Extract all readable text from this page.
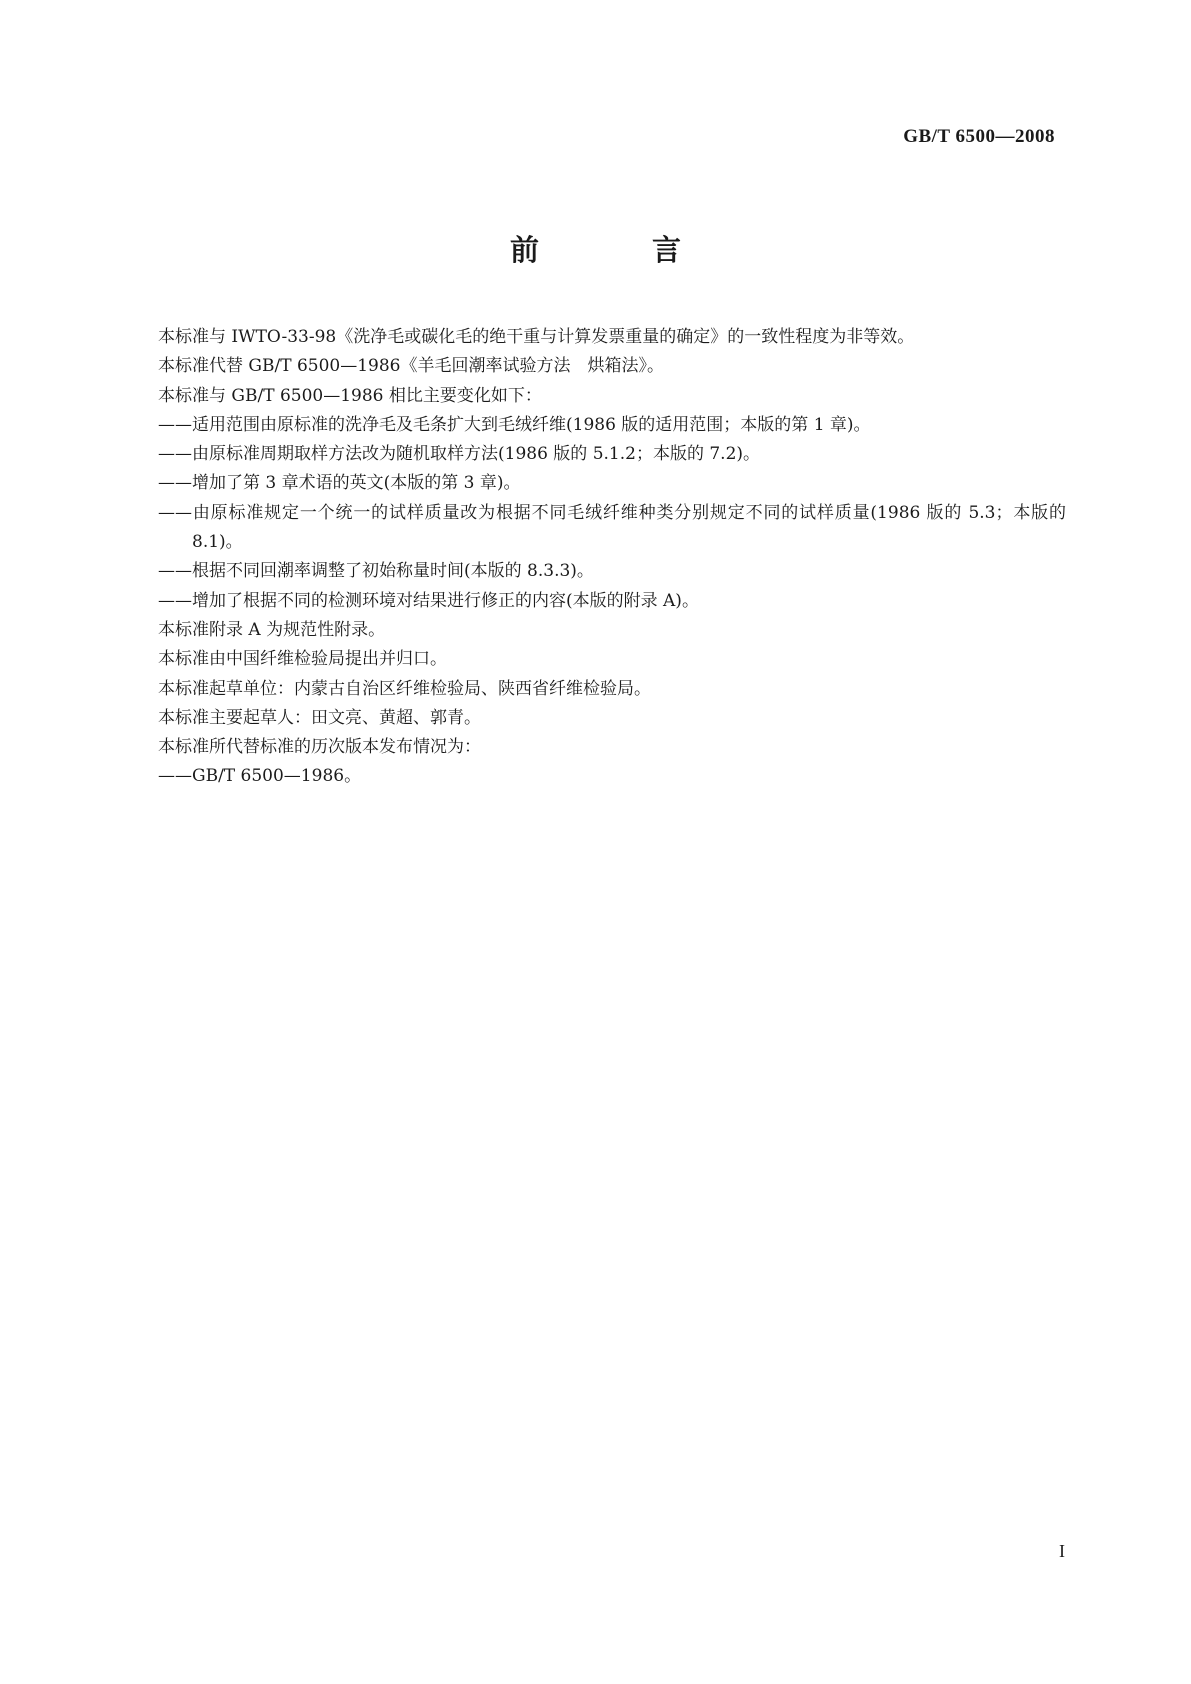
GB/T 6500—2008
前　言

本标准与 IWTO-33-98《洗净毛或碳化毛的绝干重与计算发票重量的确定》的一致性程度为非等效。

本标准代替 GB/T 6500—1986《羊毛回潮率试验方法　烘箱法》。

本标准与 GB/T 6500—1986 相比主要变化如下：

——适用范围由原标准的洗净毛及毛条扩大到毛绒纤维(1986 版的适用范围；本版的第 1 章)。

——由原标准周期取样方法改为随机取样方法(1986 版的 5.1.2；本版的 7.2)。

——增加了第 3 章术语的英文(本版的第 3 章)。

——由原标准规定一个统一的试样质量改为根据不同毛绒纤维种类分别规定不同的试样质量(1986 版的 5.3；本版的 8.1)。

——根据不同回潮率调整了初始称量时间(本版的 8.3.3)。

——增加了根据不同的检测环境对结果进行修正的内容(本版的附录 A)。

本标准附录 A 为规范性附录。

本标准由中国纤维检验局提出并归口。

本标准起草单位：内蒙古自治区纤维检验局、陕西省纤维检验局。

本标准主要起草人：田文亮、黄超、郭青。

本标准所代替标准的历次版本发布情况为：

——GB/T 6500—1986。

I
